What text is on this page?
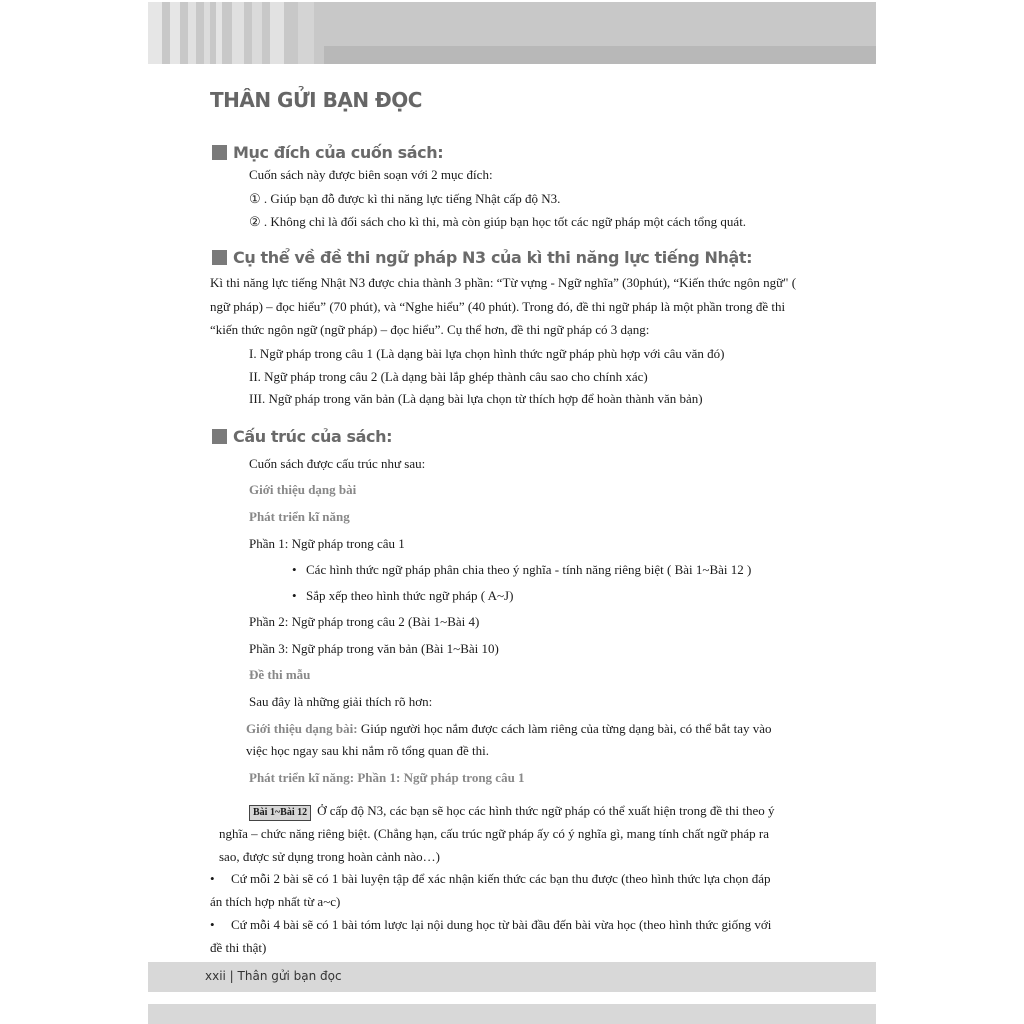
THÂN GỬI BẠN ĐỌC
Mục đích của cuốn sách:
Cuốn sách này được biên soạn với 2 mục đích:
① . Giúp bạn đỗ được kì thi năng lực tiếng Nhật cấp độ N3.
② . Không chỉ là đối sách cho kì thi, mà còn giúp bạn học tốt các ngữ pháp một cách tổng quát.
Cụ thể về đề thi ngữ pháp N3 của kì thi năng lực tiếng Nhật:
Kì thi năng lực tiếng Nhật N3 được chia thành 3 phần: “Từ vựng - Ngữ nghĩa” (30phút), “Kiến thức ngôn ngữ" (
ngữ pháp) – đọc hiểu” (70 phút), và “Nghe hiểu” (40 phút). Trong đó, đề thi ngữ pháp là một phần trong đề thi
“kiến thức ngôn ngữ (ngữ pháp) – đọc hiểu”. Cụ thể hơn, đề thi ngữ pháp có 3 dạng:
I. Ngữ pháp trong câu 1 (Là dạng bài lựa chọn hình thức ngữ pháp phù hợp với câu văn đó)
II. Ngữ pháp trong câu 2 (Là dạng bài lắp ghép thành câu sao cho chính xác)
III. Ngữ pháp trong văn bản (Là dạng bài lựa chọn từ thích hợp để hoàn thành văn bản)
Cấu trúc của sách:
Cuốn sách được cấu trúc như sau:
Giới thiệu dạng bài
Phát triển kĩ năng
Phần 1: Ngữ pháp trong câu 1
• Các hình thức ngữ pháp phân chia theo ý nghĩa - tính năng riêng biệt ( Bài 1~Bài 12 )
• Sắp xếp theo hình thức ngữ pháp ( A~J)
Phần 2: Ngữ pháp trong câu 2 (Bài 1~Bài 4)
Phần 3: Ngữ pháp trong văn bản (Bài 1~Bài 10)
Đề thi mẫu
Sau đây là những giải thích rõ hơn:
Giới thiệu dạng bài: Giúp người học nắm được cách làm riêng của từng dạng bài, có thể bắt tay vào
việc học ngay sau khi nắm rõ tổng quan đề thi.
Phát triển kĩ năng: Phần 1: Ngữ pháp trong câu 1
Bài 1~Bài 12 Ở cấp độ N3, các bạn sẽ học các hình thức ngữ pháp có thể xuất hiện trong đề thi theo ý
nghĩa – chức năng riêng biệt. (Chẳng hạn, cấu trúc ngữ pháp ấy có ý nghĩa gì, mang tính chất ngữ pháp ra
sao, được sử dụng trong hoàn cảnh nào…)
• Cứ mỗi 2 bài sẽ có 1 bài luyện tập để xác nhận kiến thức các bạn thu được (theo hình thức lựa chọn đáp
án thích hợp nhất từ a~c)
• Cứ mỗi 4 bài sẽ có 1 bài tóm lược lại nội dung học từ bài đầu đến bài vừa học (theo hình thức giống với
đề thi thật)
xxii | Thân gửi bạn đọc
